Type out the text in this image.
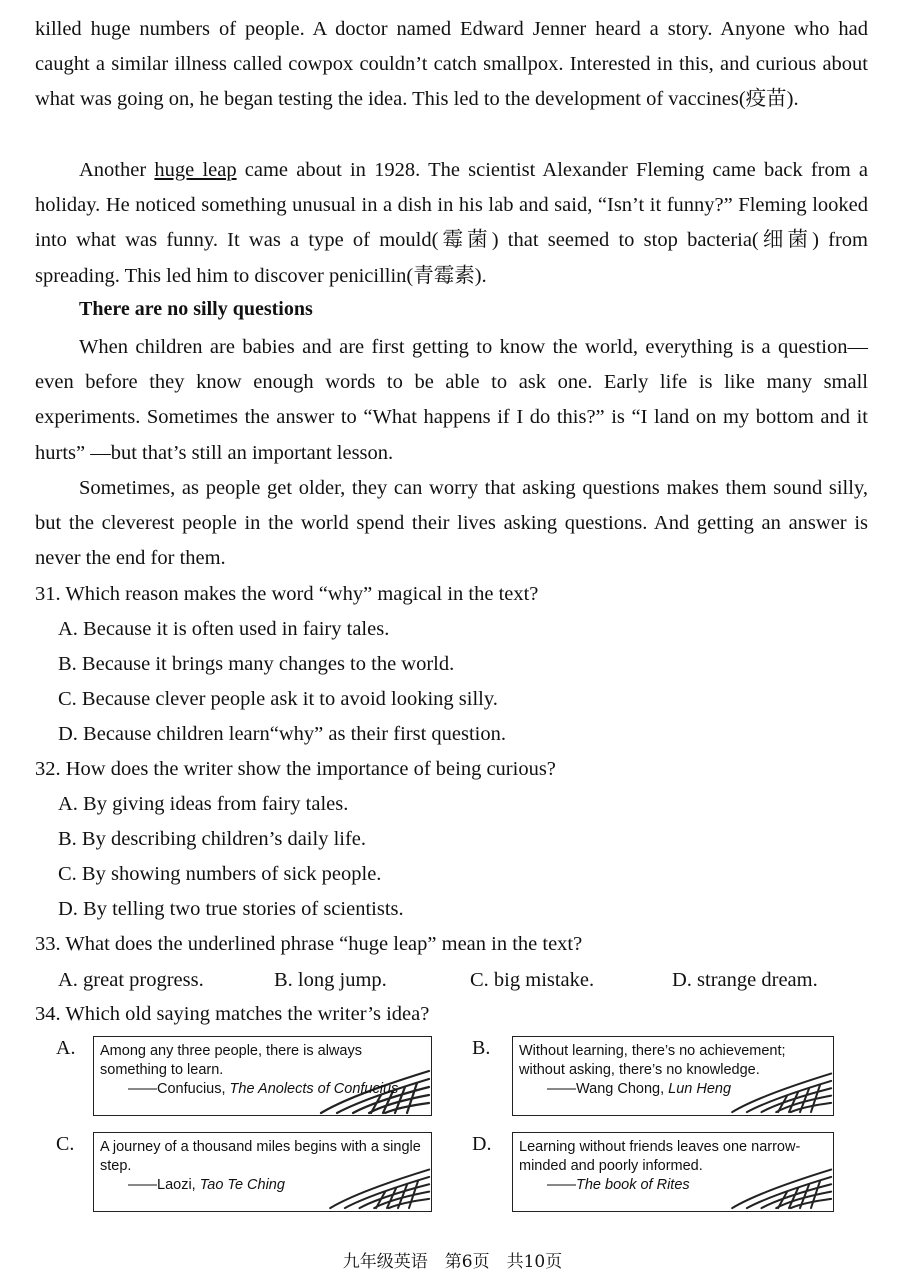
killed huge numbers of people. A doctor named Edward Jenner heard a story. Anyone who had caught a similar illness called cowpox couldn’t catch smallpox. Interested in this, and curious about what was going on, he began testing the idea. This led to the development of vaccines(疫苗).

Another huge leap came about in 1928. The scientist Alexander Fleming came back from a holiday. He noticed something unusual in a dish in his lab and said, “Isn’t it funny?” Fleming looked into what was funny. It was a type of mould(霉菌) that seemed to stop bacteria(细菌) from spreading. This led him to discover penicillin(青霉素).

There are no silly questions

When children are babies and are first getting to know the world, everything is a question—even before they know enough words to be able to ask one. Early life is like many small experiments. Sometimes the answer to “What happens if I do this?” is “I land on my bottom and it hurts” —but that’s still an important lesson.

Sometimes, as people get older, they can worry that asking questions makes them sound silly, but the cleverest people in the world spend their lives asking questions. And getting an answer is never the end for them.

31. Which reason makes the word “why” magical in the text?

A. Because it is often used in fairy tales.

B. Because it brings many changes to the world.

C. Because clever people ask it to avoid looking silly.

D. Because children learn“why” as their first question.

32. How does the writer show the importance of being curious?

A. By giving ideas from fairy tales.

B. By describing children’s daily life.

C. By showing numbers of sick people.

D. By telling two true stories of scientists.

33. What does the underlined phrase “huge leap” mean in the text?

A. great progress.	B. long jump.	C. big mistake.	D. strange dream.

34. Which old saying matches the writer’s idea?

A.	Among any three people, there is always something to learn.
——Confucius, The Anolects of Confucius
B.	Without learning, there’s no achievement; without asking, there’s no knowledge.
——Wang Chong, Lun Heng
C.	A journey of a thousand miles begins with a single step.
——Laozi, Tao Te Ching
D.	Learning without friends leaves one narrow-minded and poorly informed.
——The book of Rites
九年级英语　第6页　共10页
